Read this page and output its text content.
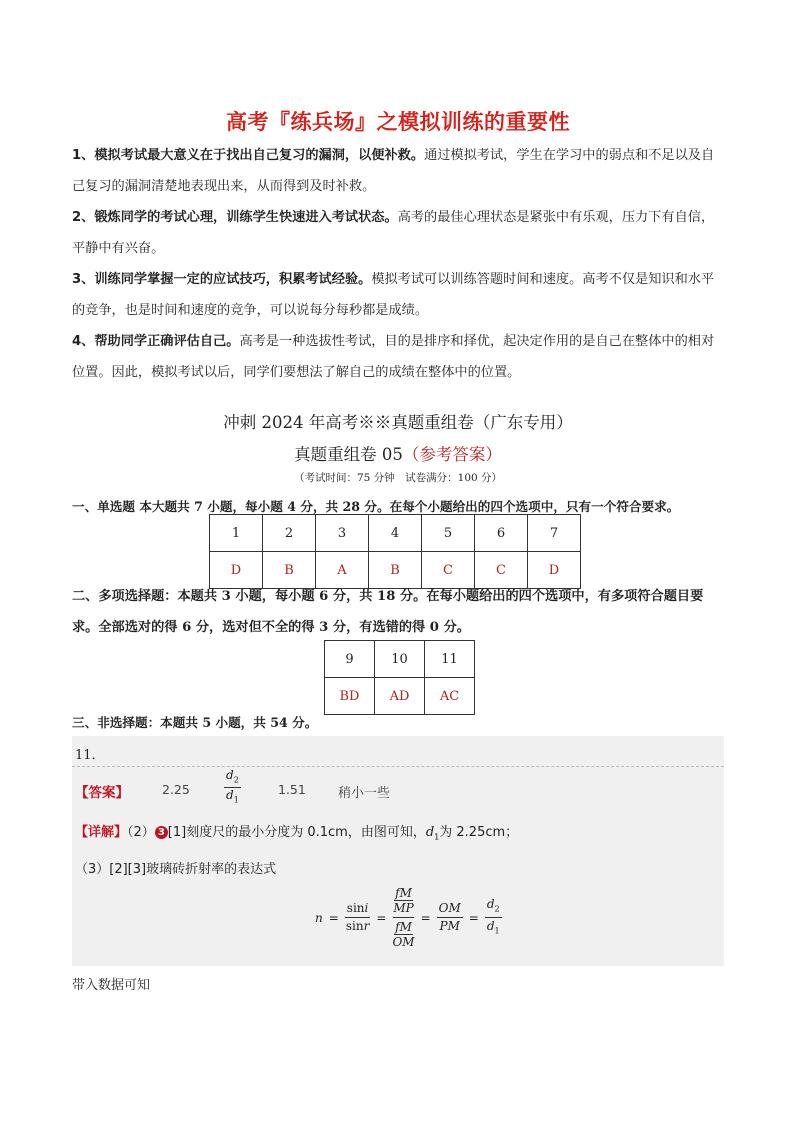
高考『练兵场』之模拟训练的重要性
1、模拟考试最大意义在于找出自己复习的漏洞，以便补救。通过模拟考试，学生在学习中的弱点和不足以及自己复习的漏洞清楚地表现出来，从而得到及时补救。
2、锻炼同学的考试心理，训练学生快速进入考试状态。高考的最佳心理状态是紧张中有乐观，压力下有自信，平静中有兴奋。
3、训练同学掌握一定的应试技巧，积累考试经验。模拟考试可以训练答题时间和速度。高考不仅是知识和水平的竞争，也是时间和速度的竞争，可以说每分每秒都是成绩。
4、帮助同学正确评估自己。高考是一种选拔性考试，目的是排序和择优，起决定作用的是自己在整体中的相对位置。因此，模拟考试以后，同学们要想法了解自己的成绩在整体中的位置。
冲刺 2024 年高考※※真题重组卷（广东专用）
真题重组卷 05（参考答案）
（考试时间：75 分钟　试卷满分：100 分）
一、单选题 本大题共 7 小题，每小题 4 分，共 28 分。在每个小题给出的四个选项中，只有一个符合要求。
1	2	3	4	5	6	7
D	B	A	B	C	C	D
二、多项选择题：本题共 3 小题，每小题 6 分，共 18 分。在每小题给出的四个选项中，有多项符合题目要求。全部选对的得 6 分，选对但不全的得 3 分，有选错的得 0 分。
9	10	11
BD	AD	AC
三、非选择题：本题共 5 小题，共 54 分。
11．
【答案】	2.25	$\frac{d_2}{d_1}$	1.51 稍小一些
【详解】（2） 3 [1]刻度尺的最小分度为 0.1cm，由图可知，$d_1$为 2.25cm；
（3）[2][3]玻璃砖折射率的表达式
$n = \frac{\sin i}{\sin r}$ =
$\frac{fM}{MP}$
$\frac{fM}{OM}$
= $\frac{OM}{PM} = \frac{d_2}{d_1}$
带入数据可知
